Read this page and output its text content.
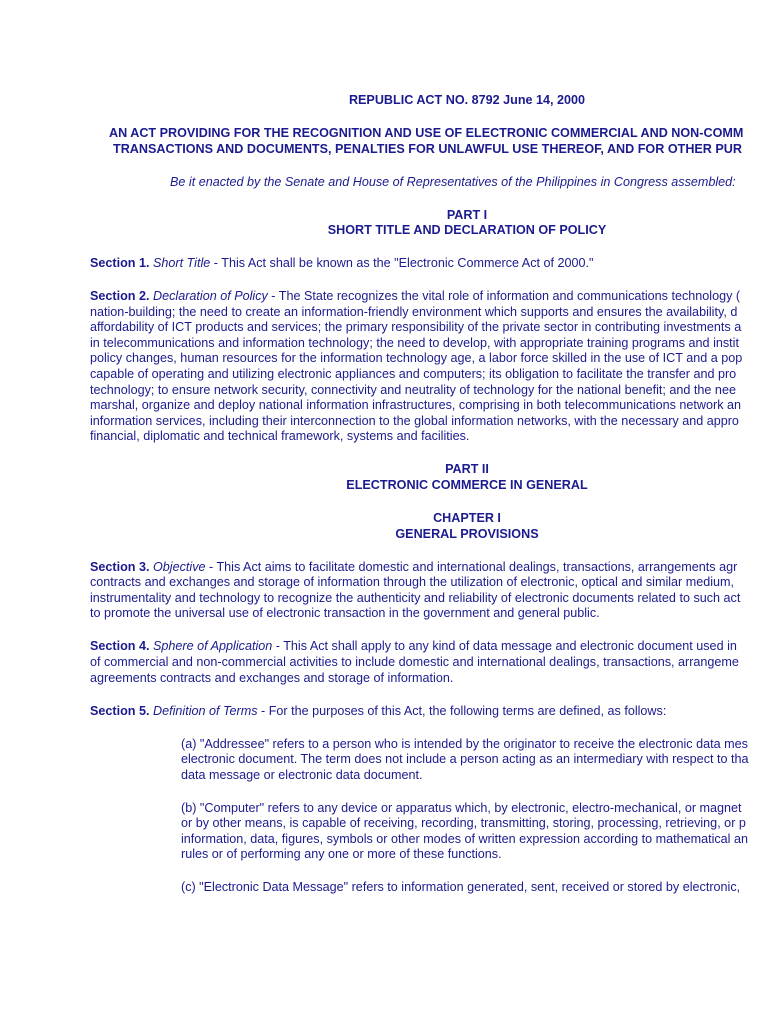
REPUBLIC ACT NO. 8792 June 14, 2000
AN ACT PROVIDING FOR THE RECOGNITION AND USE OF ELECTRONIC COMMERCIAL AND NON-COMM
TRANSACTIONS AND DOCUMENTS, PENALTIES FOR UNLAWFUL USE THEREOF, AND FOR OTHER PUR
Be it enacted by the Senate and House of Representatives of the Philippines in Congress assembled:
PART I
SHORT TITLE AND DECLARATION OF POLICY
Section 1. Short Title - This Act shall be known as the "Electronic Commerce Act of 2000."
Section 2. Declaration of Policy - The State recognizes the vital role of information and communications technology (
nation-building; the need to create an information-friendly environment which supports and ensures the availability, d
affordability of ICT products and services; the primary responsibility of the private sector in contributing investments a
in telecommunications and information technology; the need to develop, with appropriate training programs and instit
policy changes, human resources for the information technology age, a labor force skilled in the use of ICT and a pop
capable of operating and utilizing electronic appliances and computers; its obligation to facilitate the transfer and pro
technology; to ensure network security, connectivity and neutrality of technology for the national benefit; and the nee
marshal, organize and deploy national information infrastructures, comprising in both telecommunications network an
information services, including their interconnection to the global information networks, with the necessary and appro
financial, diplomatic and technical framework, systems and facilities.
PART II
ELECTRONIC COMMERCE IN GENERAL
CHAPTER I
GENERAL PROVISIONS
Section 3. Objective - This Act aims to facilitate domestic and international dealings, transactions, arrangements agr
contracts and exchanges and storage of information through the utilization of electronic, optical and similar medium,
instrumentality and technology to recognize the authenticity and reliability of electronic documents related to such act
to promote the universal use of electronic transaction in the government and general public.
Section 4. Sphere of Application - This Act shall apply to any kind of data message and electronic document used in
of commercial and non-commercial activities to include domestic and international dealings, transactions, arrangeme
agreements contracts and exchanges and storage of information.
Section 5. Definition of Terms - For the purposes of this Act, the following terms are defined, as follows:
(a) "Addressee" refers to a person who is intended by the originator to receive the electronic data mes
electronic document. The term does not include a person acting as an intermediary with respect to tha
data message or electronic data document.
(b) "Computer" refers to any device or apparatus which, by electronic, electro-mechanical, or magnet
or by other means, is capable of receiving, recording, transmitting, storing, processing, retrieving, or p
information, data, figures, symbols or other modes of written expression according to mathematical an
rules or of performing any one or more of these functions.
(c) "Electronic Data Message" refers to information generated, sent, received or stored by electronic,
